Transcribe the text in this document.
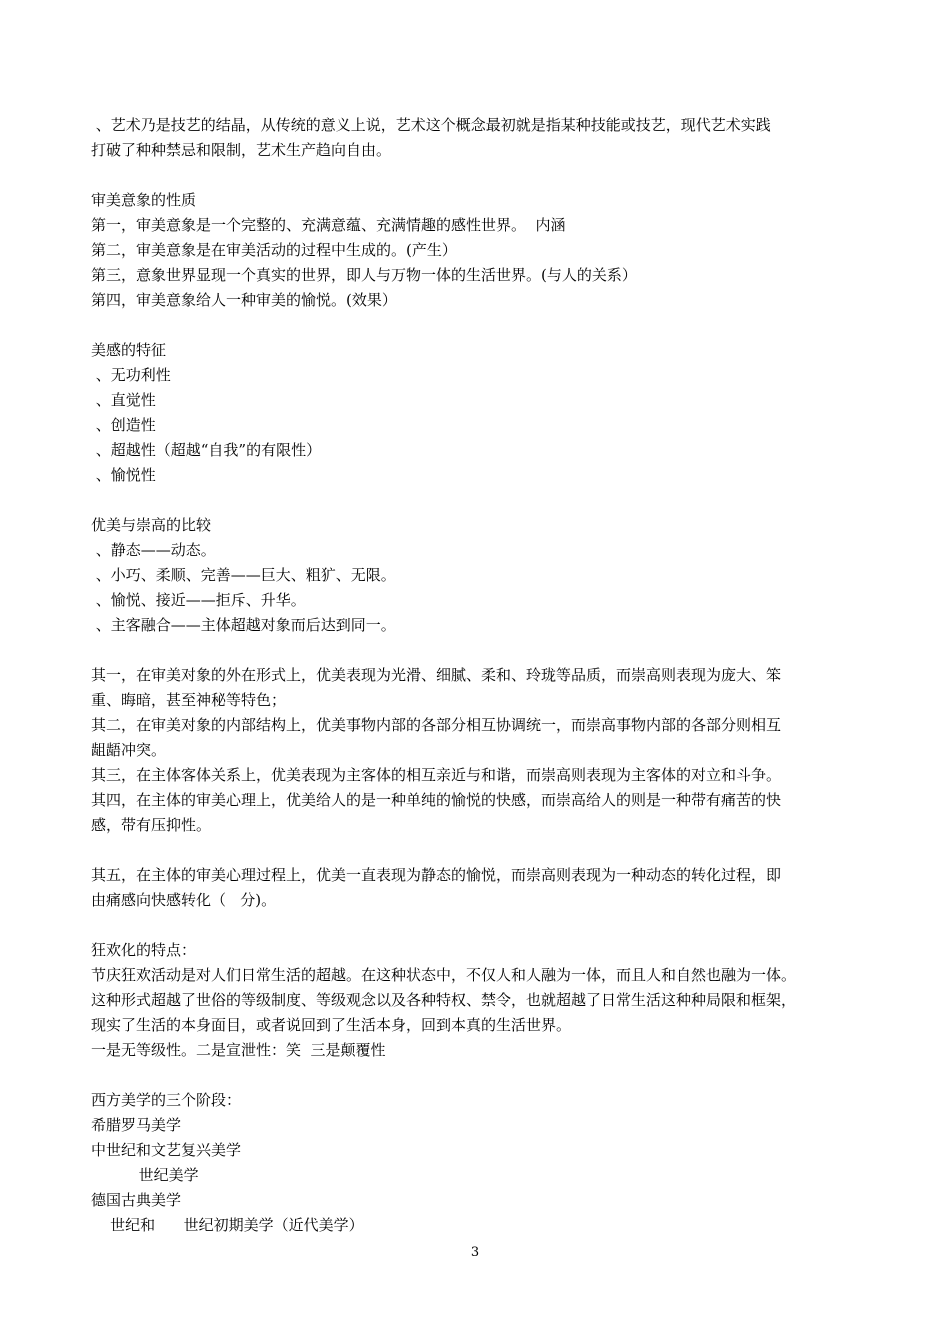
、艺术乃是技艺的结晶，从传统的意义上说，艺术这个概念最初就是指某种技能或技艺，现代艺术实践
打破了种种禁忌和限制，艺术生产趋向自由。
审美意象的性质
第一，审美意象是一个完整的、充满意蕴、充满情趣的感性世界。  内涵
第二，审美意象是在审美活动的过程中生成的。(产生）
第三，意象世界显现一个真实的世界，即人与万物一体的生活世界。(与人的关系）
第四，审美意象给人一种审美的愉悦。(效果）
美感的特征
、无功利性
、直觉性
、创造性
、超越性（超越“自我”的有限性）
、愉悦性
优美与崇高的比较
、静态——动态。
、小巧、柔顺、完善——巨大、粗犷、无限。
、愉悦、接近——拒斥、升华。
、主客融合——主体超越对象而后达到同一。
其一，在审美对象的外在形式上，优美表现为光滑、细腻、柔和、玲珑等品质，而崇高则表现为庞大、笨
重、晦暗，甚至神秘等特色；
其二，在审美对象的内部结构上，优美事物内部的各部分相互协调统一，而崇高事物内部的各部分则相互
龃龉冲突。
其三，在主体客体关系上，优美表现为主客体的相互亲近与和谐，而崇高则表现为主客体的对立和斗争。
其四，在主体的审美心理上，优美给人的是一种单纯的愉悦的快感，而崇高给人的则是一种带有痛苦的快
感，带有压抑性。
其五，在主体的审美心理过程上，优美一直表现为静态的愉悦，而崇高则表现为一种动态的转化过程，即
由痛感向快感转化（   分)。
狂欢化的特点：
节庆狂欢活动是对人们日常生活的超越。在这种状态中，不仅人和人融为一体，而且人和自然也融为一体。
这种形式超越了世俗的等级制度、等级观念以及各种特权、禁令，也就超越了日常生活这种种局限和框架，
现实了生活的本身面目，或者说回到了生活本身，回到本真的生活世界。
一是无等级性。二是宣泄性：笑  三是颠覆性
西方美学的三个阶段：
希腊罗马美学
中世纪和文艺复兴美学
世纪美学
德国古典美学
世纪和      世纪初期美学（近代美学）
3
